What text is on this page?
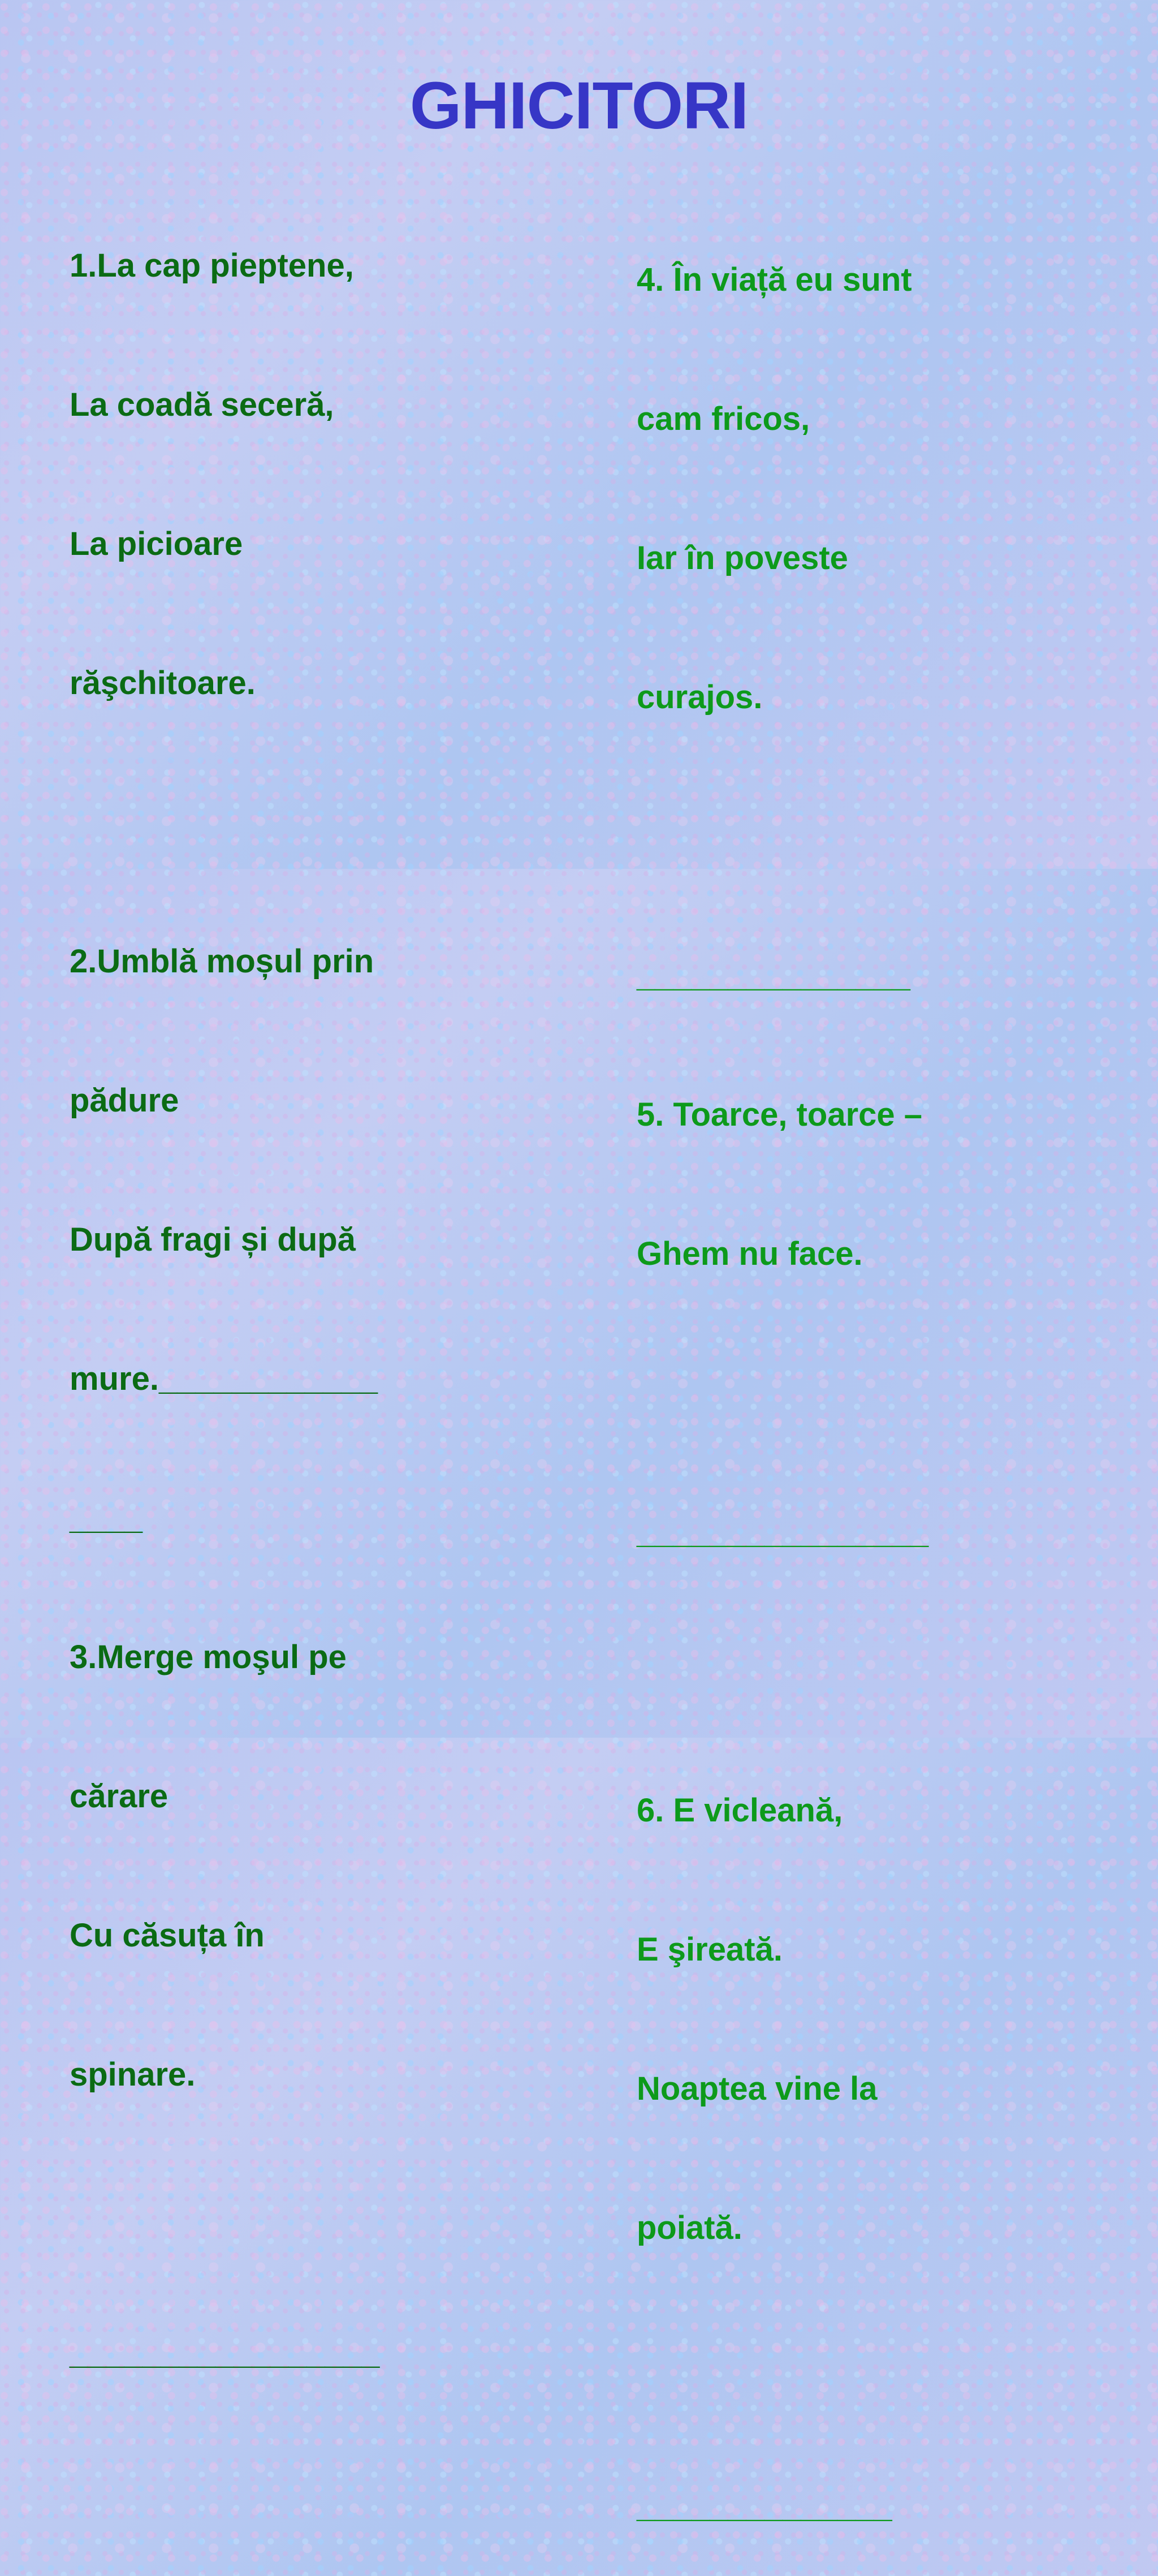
GHICITORI

1.La cap pieptene,

La coadă seceră,

La picioare

răşchitoare.

2.Umblă moșul prin

pădure

După fragi și după

mure.____________

____

3.Merge moşul pe

cărare

Cu căsuța în

spinare.

_________________

4. În viață eu sunt

cam fricos,

Iar în poveste

curajos.

_______________

5. Toarce, toarce –

Ghem nu face.

________________

6. E vicleană,

E şireată.

Noaptea vine la

poiată.

______________
